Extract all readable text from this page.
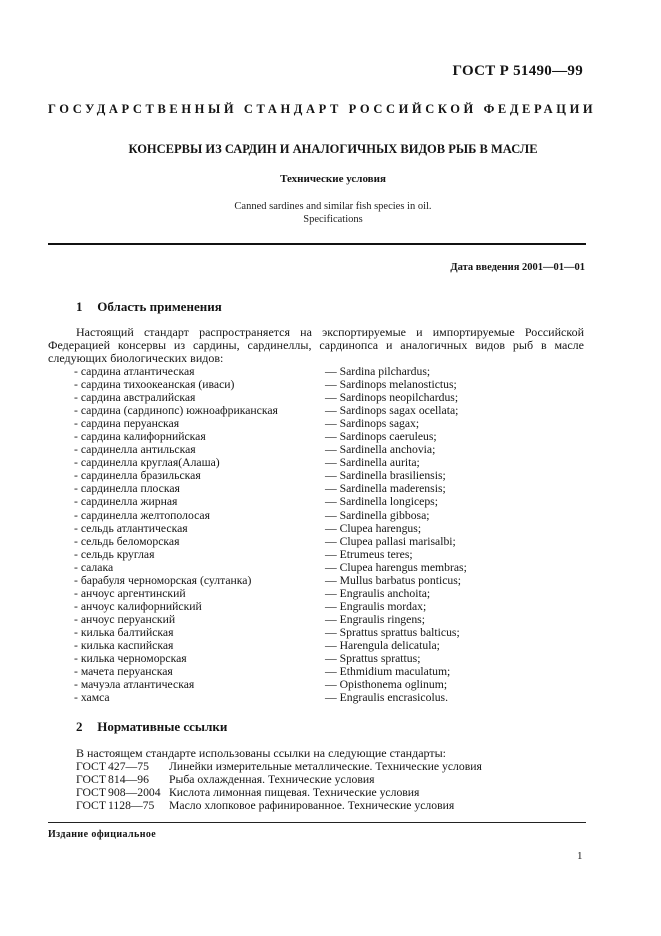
ГОСТ Р 51490—99
ГОСУДАРСТВЕННЫЙ СТАНДАРТ РОССИЙСКОЙ ФЕДЕРАЦИИ
КОНСЕРВЫ ИЗ САРДИН И АНАЛОГИЧНЫХ ВИДОВ РЫБ В МАСЛЕ
Технические условия
Canned sardines and similar fish species in oil.
Specifications
Дата введения 2001—01—01
1 Область применения
Настоящий стандарт распространяется на экспортируемые и импортируемые Российской Федерацией консервы из сардины, сардинеллы, сардинопса и аналогичных видов рыб в масле следующих биологических видов:
- сардина атлантическая	— Sardina pilchardus;
- сардина тихоокеанская (иваси)	— Sardinops melanostictus;
- сардина австралийская	— Sardinops neopilchardus;
- сардина (сардинопс) южноафриканская	— Sardinops sagax ocellata;
- сардина перуанская	— Sardinops sagax;
- сардина калифорнийская	— Sardinops caeruleus;
- сардинелла антильская	— Sardinella anchovia;
- сардинелла круглая(Алаша)	— Sardinella aurita;
- сардинелла бразильская	— Sardinella brasiliensis;
- сардинелла плоская	— Sardinella maderensis;
- сардинелла жирная	— Sardinella longiceps;
- сардинелла желтополосая	— Sardinella gibbosa;
- сельдь атлантическая	— Clupea harengus;
- сельдь беломорская	— Clupea pallasi marisalbi;
- сельдь круглая	— Etrumeus teres;
- салака	— Clupea harengus membras;
- барабуля черноморская (султанка)	— Mullus barbatus ponticus;
- анчоус аргентинский	— Engraulis anchoita;
- анчоус калифорнийский	— Engraulis mordax;
- анчоус перуанский	— Engraulis ringens;
- килька балтийская	— Sprattus sprattus balticus;
- килька каспийская	— Harengula delicatula;
- килька черноморская	— Sprattus sprattus;
- мачета перуанская	— Ethmidium maculatum;
- мачуэла атлантическая	— Opisthonema oglinum;
- хамса	— Engraulis encrasicolus.
2 Нормативные ссылки
В настоящем стандарте использованы ссылки на следующие стандарты:
ГОСТ 427—75 Линейки измерительные металлические. Технические условия
ГОСТ 814—96 Рыба охлажденная. Технические условия
ГОСТ 908—2004 Кислота лимонная пищевая. Технические условия
ГОСТ 1128—75 Масло хлопковое рафинированное. Технические условия
Издание официальное
1
